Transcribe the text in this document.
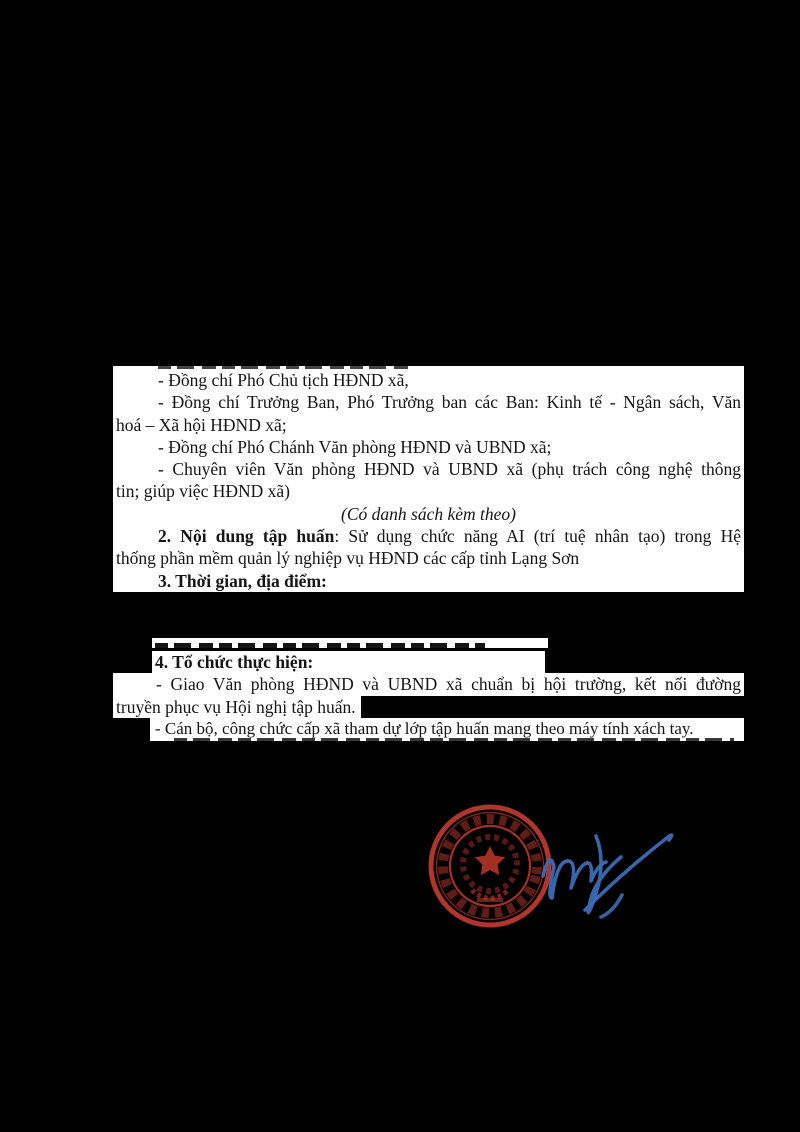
- Đồng chí Phó Chủ tịch HĐND xã,
- Đồng chí Trưởng Ban, Phó Trưởng ban các Ban: Kinh tế - Ngân sách, Văn
hoá – Xã hội HĐND xã;
- Đồng chí Phó Chánh Văn phòng HĐND và UBND xã;
- Chuyên viên Văn phòng HĐND và UBND xã (phụ trách công nghệ thông
tin; giúp việc HĐND xã)
(Có danh sách kèm theo)
2. Nội dung tập huấn: Sử dụng chức năng AI (trí tuệ nhân tạo) trong Hệ
thống phần mềm quản lý nghiệp vụ HĐND các cấp tỉnh Lạng Sơn
3. Thời gian, địa điểm:
4. Tổ chức thực hiện:
- Giao Văn phòng HĐND và UBND xã chuẩn bị hội trường, kết nối đường
truyền phục vụ Hội nghị tập huấn.
- Cán bộ, công chức cấp xã tham dự lớp tập huấn mang theo máy tính xách tay.
